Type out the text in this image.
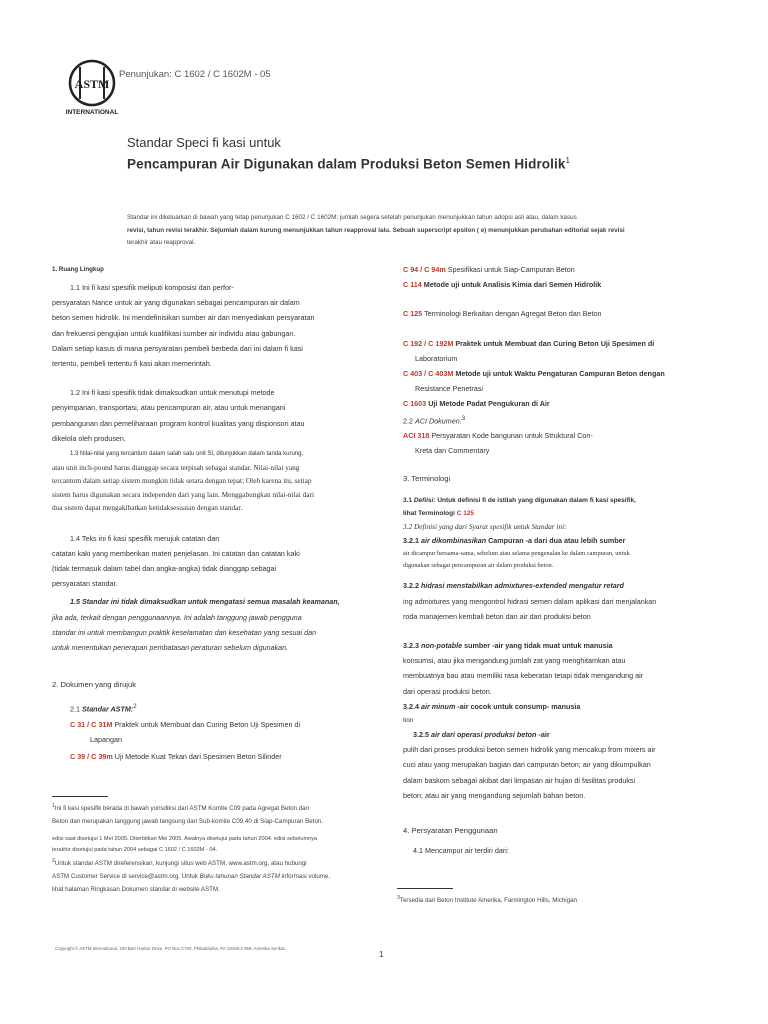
ASTM
INTERNATIONAL
Penunjukan: C 1602 / C 1602M - 05
Standar Speci fi kasi untuk
Pencampuran Air Digunakan dalam Produksi Beton Semen Hidrolik$^1$
Standar ini dikeluarkan di bawah yang tetap penunjukan C 1602 / C 1602M; jumlah segera setelah penunjukan menunjukkan tahun adopsi asli atau, dalam kasus
revisi, tahun revisi terakhir. Sejumlah dalam kurung menunjukkan tahun reapproval lalu. Sebuah superscript epsilon ( e) menunjukkan perubahan editorial sejak revisi
terakhir atau reapproval.

1. Ruang Lingkup

1.1 Ini fi kasi spesifik meliputi komposisi dan perfor-

persyaratan Nance untuk air yang digunakan sebagai pencampuran air dalam

beton semen hidrolik. Ini mendefinisikan sumber air dan menyediakan persyaratan

dan frekuensi pengujian untuk kualifikasi sumber air individu atau gabungan.

Dalam setiap kasus di mana persyaratan pembeli berbeda dari ini dalam fi kasi

tertentu, pembeli tertentu fi kasi akan memerintah.

1.2 Ini fi kasi spesifik tidak dimaksudkan untuk menutupi metode

penyimpanan, transportasi, atau pencampuran air, atau untuk menangani

pembangunan dan pemeliharaan program kontrol kualitas yang disponsori atau

dikelola oleh produsen.

1.3 Nilai-nilai yang tercantum dalam salah satu unit SI, ditunjukkan dalam tanda kurung,

atau unit inch-pound harus dianggap secara terpisah sebagai standar. Nilai-nilai yang

tercantum dalam setiap sistem mungkin tidak setara dengan tepat; Oleh karena itu, setiap

sistem harus digunakan secara independen dari yang lain. Menggabungkan nilai-nilai dari

dua sistem dapat mengakibatkan ketidaksesuaian dengan standar.

1.4 Teks ini fi kasi spesifik merujuk catatan dan

catatan kaki yang memberikan materi penjelasan. Ini catatan dan catatan kaki

(tidak termasuk dalam tabel dan angka-angka) tidak dianggap sebagai

persyaratan standar.

1.5 Standar ini tidak dimaksudkan untuk mengatasi semua masalah keamanan,

jika ada, terkait dengan penggunaannya. Ini adalah tanggung jawab pengguna

standar ini untuk membangun praktik keselamatan dan kesehatan yang sesuai dan

untuk menentukan penerapan pembatasan peraturan sebelum digunakan.

2. Dokumen yang dirujuk

2.1 Standar ASTM:$^2$

C 31 / C 31M Praktek untuk Membuat dan Curing Beton Uji Spesimen di

Lapangan

C 39 / C 39m Uji Metode Kuat Tekan dari Spesimen Beton Silinder

$^1$Ini fi kasi spesifik berada di bawah yurisdiksi dari ASTM Komite C09 pada Agregat Beton dan
Beton dan merupakan tanggung jawab langsung dari Sub-komite C09.40 di Siap-Campuran Beton.
edisi saat disetujui 1 Mei 2005. Diterbitkan Mei 2005. Awalnya disetujui pada tahun 2004. edisi sebelumnya
terakhir disetujui pada tahun 2004 sebagai C 1602 / C 1602M - 04.
$^2$Untuk standar ASTM direferensikan, kunjungi situs web ASTM, www.astm.org, atau hubungi
ASTM Customer Service di service@astm.org. Untuk Buku tahunan Standar ASTM informasi volume,
lihat halaman Ringkasan Dokumen standar di website ASTM.

C 94 / C 94m Spesifikasi untuk Siap-Campuran Beton

C 114 Metode uji untuk Analisis Kimia dari Semen Hidrolik

C 125 Terminologi Berkaitan dengan Agregat Beton dan Beton

C 192 / C 192M Praktek untuk Membuat dan Curing Beton Uji Spesimen di

Laboratorium

C 403 / C 403M Metode uji untuk Waktu Pengaturan Campuran Beton dengan

Resistance Penetrasi

C 1603 Uji Metode Padat Pengukuran di Air

2.2 ACI Dokumen:$^3$

ACI 318 Persyaratan Kode bangunan untuk Struktural Con-

Kreta dan Commentary

3. Terminologi

3.1 Defiisi: Untuk definisi fi de istilah yang digunakan dalam fi kasi spesifik,

lihat Terminologi C 125

3.2 Definisi yang dari Syarat spesifik untuk Standar ini:

3.2.1 air dikombinasikan Campuran -a dari dua atau lebih sumber

air dicampur bersama-sama, sebelum atau selama pengenalan ke dalam campuran, untuk

digunakan sebagai pencampuran air dalam produksi beton.

3.2.2 hidrasi menstabilkan admixtures-extended mengatur retard

ing admixtures yang mengontrol hidrasi semen dalam aplikasi dari menjalankan

roda manajemen kembali beton dan air dari produksi beton

3.2.3 non-potable sumber -air yang tidak muat untuk manusia

konsumsi, atau jika mengandung jumlah zat yang menghitamkan atau

membuatnya bau atau memiliki rasa keberatan tetapi tidak mengandung air

dari operasi produksi beton.

3.2.4 air minum -air cocok untuk consump- manusia

tion

3.2.5 air dari operasi produksi beton -air

pulih dari proses produksi beton semen hidrolik yang mencakup from mixers air

cuci atau yang merupakan bagian dari campuran beton; air yang dikumpulkan

dalam baskom sebagai akibat dari limpasan air hujan di fasilitas produksi

beton; atau air yang mengandung sejumlah bahan beton.

4. Persyaratan Penggunaan

4.1 Mencampur air terdiri dari:

$^3$Tersedia dari Beton Institute Amerika, Farmington Hills, Michigan
Copyright © ASTM International, 100 Barr Harbor Drive, PO Box C700, Philadelphia, PA 19428-2 959, Amerika Serikat.
1
